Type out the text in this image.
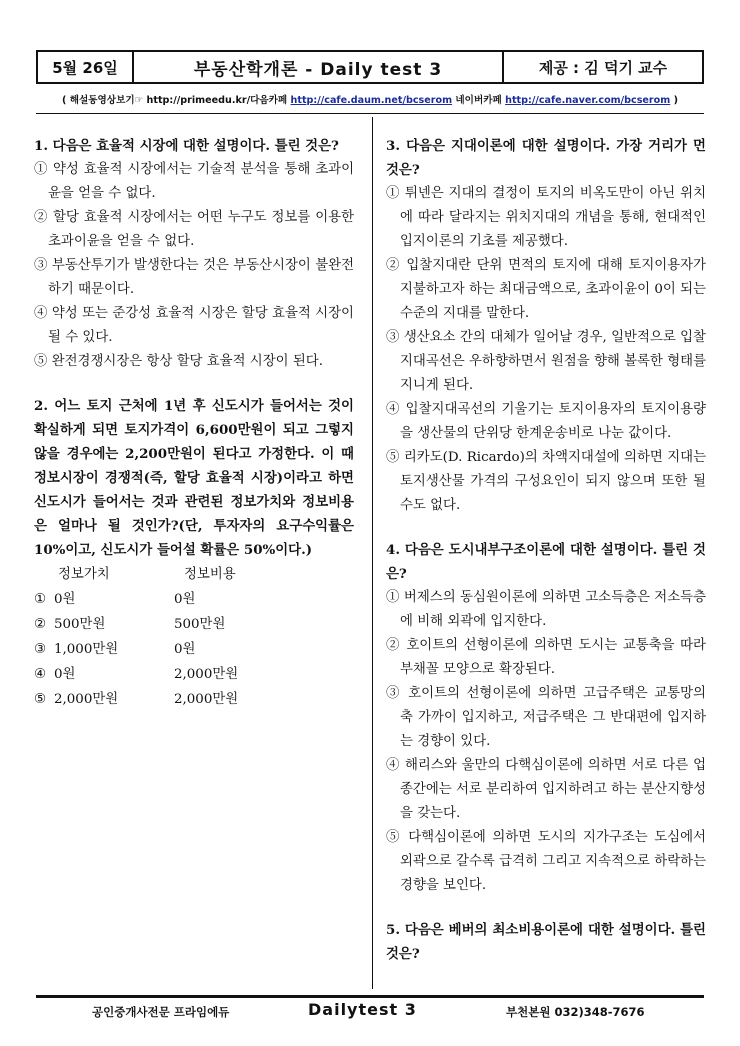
5월 26일	부동산학개론 - Daily test 3	제공 : 김 덕기 교수
( 해설동영상보기☞ http://primeedu.kr/다음카페 http://cafe.daum.net/bcserom 네이버카페 http://cafe.naver.com/bcserom )
1. 다음은 효율적 시장에 대한 설명이다. 틀린 것은?
① 약성 효율적 시장에서는 기술적 분석을 통해 초과이윤을 얻을 수 없다.
② 할당 효율적 시장에서는 어떤 누구도 정보를 이용한 초과이윤을 얻을 수 없다.
③ 부동산투기가 발생한다는 것은 부동산시장이 불완전하기 때문이다.
④ 약성 또는 준강성 효율적 시장은 할당 효율적 시장이 될 수 있다.
⑤ 완전경쟁시장은 항상 할당 효율적 시장이 된다.
2. 어느 토지 근처에 1년 후 신도시가 들어서는 것이 확실하게 되면 토지가격이 6,600만원이 되고 그렇지 않을 경우에는 2,200만원이 된다고 가정한다. 이 때 정보시장이 경쟁적(즉, 할당 효율적 시장)이라고 하면 신도시가 들어서는 것과 관련된 정보가치와 정보비용은 얼마나 될 것인가?(단, 투자자의 요구수익률은 10%이고, 신도시가 들어설 확률은 50%이다.)
정보가치	정보비용
① 0원	0원
② 500만원	500만원
③ 1,000만원	0원
④ 0원	2,000만원
⑤ 2,000만원	2,000만원
3. 다음은 지대이론에 대한 설명이다. 가장 거리가 먼 것은?
① 튀넨은 지대의 결정이 토지의 비옥도만이 아닌 위치에 따라 달라지는 위치지대의 개념을 통해, 현대적인 입지이론의 기초를 제공했다.
② 입찰지대란 단위 면적의 토지에 대해 토지이용자가 지불하고자 하는 최대금액으로, 초과이윤이 0이 되는 수준의 지대를 말한다.
③ 생산요소 간의 대체가 일어날 경우, 일반적으로 입찰지대곡선은 우하향하면서 원점을 향해 볼록한 형태를 지니게 된다.
④ 입찰지대곡선의 기울기는 토지이용자의 토지이용량을 생산물의 단위당 한계운송비로 나눈 값이다.
⑤ 리카도(D. Ricardo)의 차액지대설에 의하면 지대는 토지생산물 가격의 구성요인이 되지 않으며 또한 될 수도 없다.
4. 다음은 도시내부구조이론에 대한 설명이다. 틀린 것은?
① 버제스의 동심원이론에 의하면 고소득층은 저소득층에 비해 외곽에 입지한다.
② 호이트의 선형이론에 의하면 도시는 교통축을 따라 부채꼴 모양으로 확장된다.
③ 호이트의 선형이론에 의하면 고급주택은 교통망의 축 가까이 입지하고, 저급주택은 그 반대편에 입지하는 경향이 있다.
④ 해리스와 울만의 다핵심이론에 의하면 서로 다른 업종간에는 서로 분리하여 입지하려고 하는 분산지향성을 갖는다.
⑤ 다핵심이론에 의하면 도시의 지가구조는 도심에서 외곽으로 갈수록 급격히 그리고 지속적으로 하락하는 경향을 보인다.
5. 다음은 베버의 최소비용이론에 대한 설명이다. 틀린 것은?
공인중개사전문 프라임에듀	Dailytest 3	부천본원 032)348-7676
